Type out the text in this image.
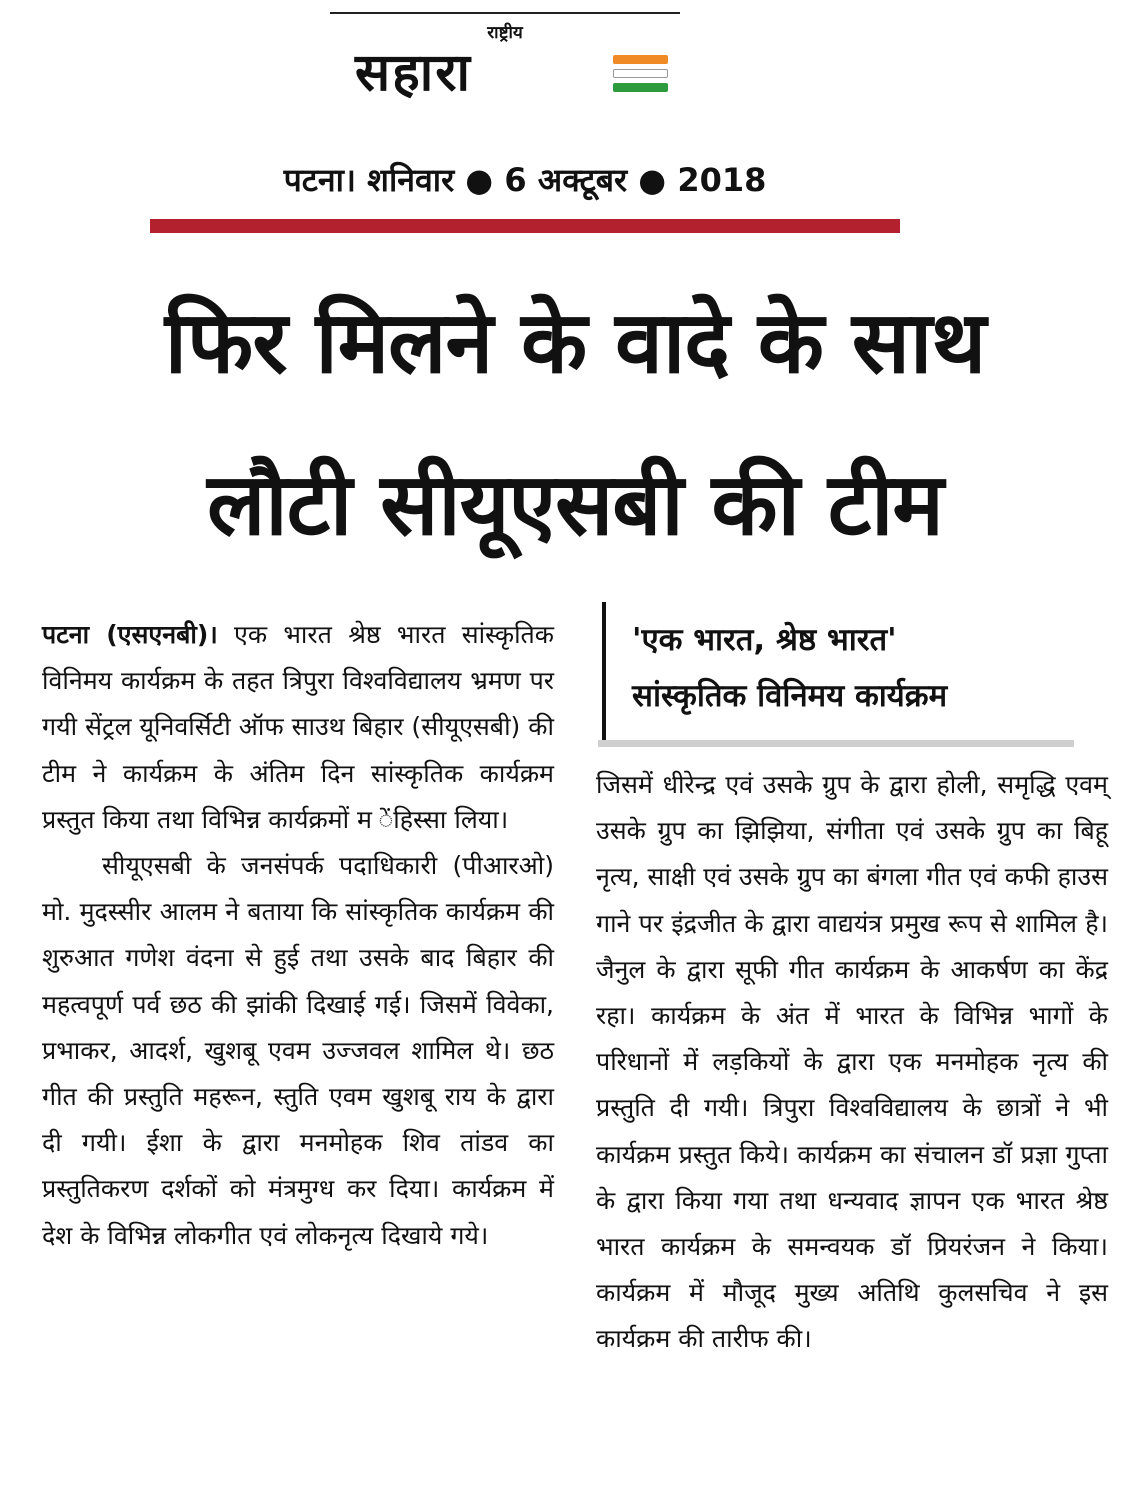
राष्ट्रीय
सहारा
पटना। शनिवार ● 6 अक्टूबर ● 2018
फिर मिलने के वादे के साथ
लौटी सीयूएसबी की टीम

पटना (एसएनबी)। एक भारत श्रेष्ठ भारत सांस्कृतिक विनिमय कार्यक्रम के तहत त्रिपुरा विश्वविद्यालय भ्रमण पर गयी सेंट्रल यूनिवर्सिटी ऑफ साउथ बिहार (सीयूएसबी) की टीम ने कार्यक्रम के अंतिम दिन सांस्कृतिक कार्यक्रम प्रस्तुत किया तथा विभिन्न कार्यक्रमों म ेंहिस्सा लिया।

सीयूएसबी के जनसंपर्क पदाधिकारी (पीआरओ) मो. मुदस्सीर आलम ने बताया कि सांस्कृतिक कार्यक्रम की शुरुआत गणेश वंदना से हुई तथा उसके बाद बिहार की महत्वपूर्ण पर्व छठ की झांकी दिखाई गई। जिसमें विवेका, प्रभाकर, आदर्श, खुशबू एवम उज्जवल शामिल थे। छठ गीत की प्रस्तुति महरून, स्तुति एवम खुशबू राय के द्वारा दी गयी। ईशा के द्वारा मनमोहक शिव तांडव का प्रस्तुतिकरण दर्शकों को मंत्रमुग्ध कर दिया। कार्यक्रम में देश के विभिन्न लोकगीत एवं लोकनृत्य दिखाये गये।

'एक भारत, श्रेष्ठ भारत'
सांस्कृतिक विनिमय कार्यक्रम

जिसमें धीरेन्द्र एवं उसके ग्रुप के द्वारा होली, समृद्धि एवम् उसके ग्रुप का झिझिया, संगीता एवं उसके ग्रुप का बिहू नृत्य, साक्षी एवं उसके ग्रुप का बंगला गीत एवं कफी हाउस गाने पर इंद्रजीत के द्वारा वाद्ययंत्र प्रमुख रूप से शामिल है। जैनुल के द्वारा सूफी गीत कार्यक्रम के आकर्षण का केंद्र रहा। कार्यक्रम के अंत में भारत के विभिन्न भागों के परिधानों में लड़कियों के द्वारा एक मनमोहक नृत्य की प्रस्तुति दी गयी। त्रिपुरा विश्वविद्यालय के छात्रों ने भी कार्यक्रम प्रस्तुत किये। कार्यक्रम का संचालन डॉ प्रज्ञा गुप्ता के द्वारा किया गया तथा धन्यवाद ज्ञापन एक भारत श्रेष्ठ भारत कार्यक्रम के समन्वयक डॉ प्रियरंजन ने किया। कार्यक्रम में मौजूद मुख्य अतिथि कुलसचिव ने इस कार्यक्रम की तारीफ की।
